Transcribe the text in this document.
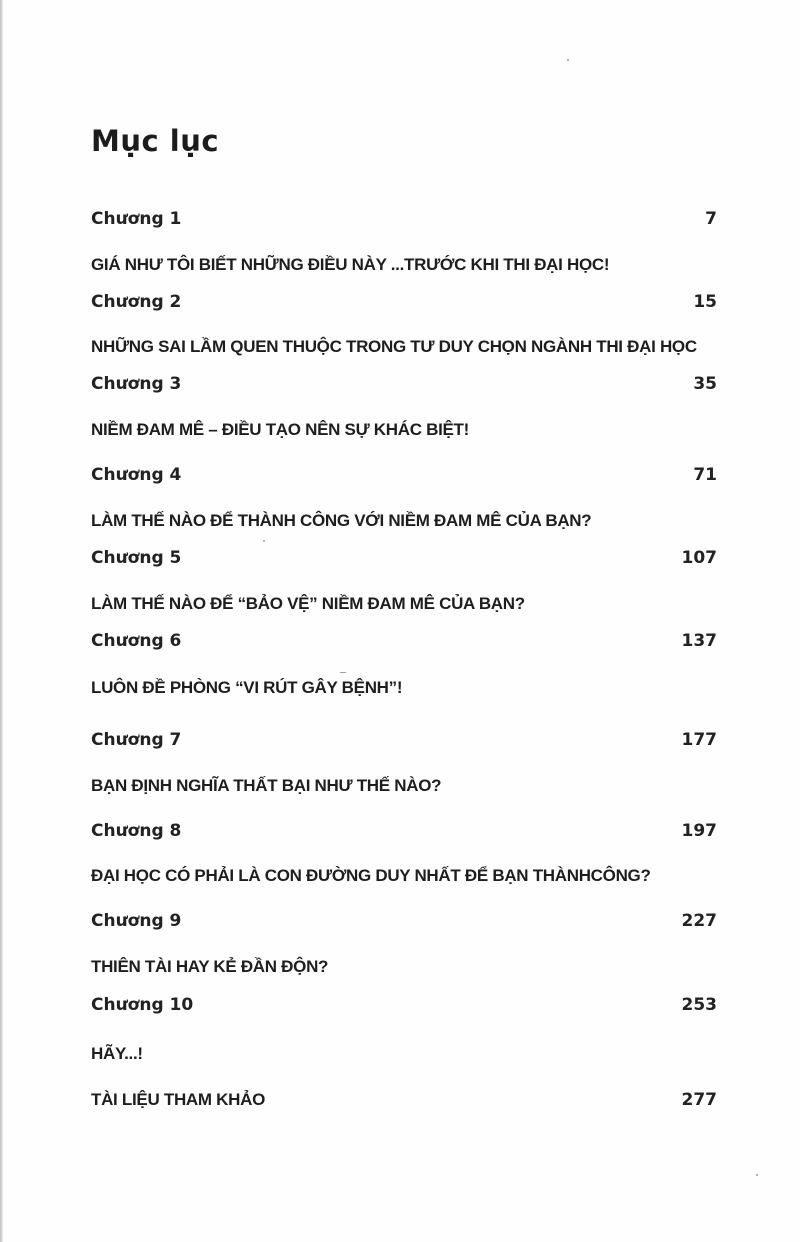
Mục lục
Chương 1	7
GIÁ NHƯ TÔI BIẾT NHỮNG ĐIỀU NÀY ...TRƯỚC KHI THI ĐẠI HỌC!
Chương 2	15
NHỮNG SAI LẦM QUEN THUỘC TRONG TƯ DUY CHỌN NGÀNH THI ĐẠI HỌC
Chương 3	35
NIỀM ĐAM MÊ – ĐIỀU TẠO NÊN SỰ KHÁC BIỆT!
Chương 4	71
LÀM THẾ NÀO ĐỂ THÀNH CÔNG VỚI NIỀM ĐAM MÊ CỦA BẠN?
Chương 5	107
LÀM THẾ NÀO ĐỂ “BẢO VỆ” NIỀM ĐAM MÊ CỦA BẠN?
Chương 6	137
LUÔN ĐỀ PHÒNG “VI RÚT GÂY BỆNH”!
Chương 7	177
BẠN ĐỊNH NGHĨA THẤT BẠI NHƯ THẾ NÀO?
Chương 8	197
ĐẠI HỌC CÓ PHẢI LÀ CON ĐƯỜNG DUY NHẤT ĐỂ BẠN THÀNHCÔNG?
Chương 9	227
THIÊN TÀI HAY KẺ ĐẦN ĐỘN?
Chương 10	253
HÃY...!
TÀI LIỆU THAM KHẢO	277
